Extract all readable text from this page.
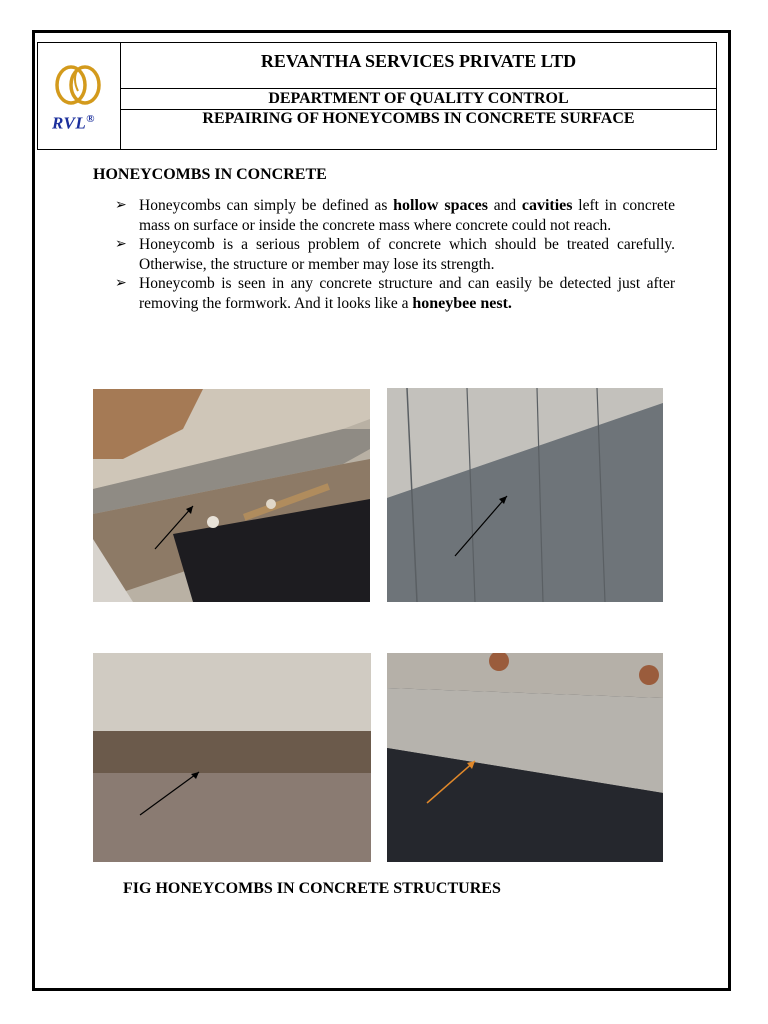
RVL®
REVANTHA SERVICES PRIVATE LTD
DEPARTMENT OF QUALITY CONTROL
REPAIRING OF HONEYCOMBS IN CONCRETE SURFACE
HONEYCOMBS IN CONCRETE
➢ Honeycombs can simply be defined as hollow spaces and cavities left in concrete mass on surface or inside the concrete mass where concrete could not reach.
➢ Honeycomb is a serious problem of concrete which should be treated carefully. Otherwise, the structure or member may lose its strength.
➢ Honeycomb is seen in any concrete structure and can easily be detected just after removing the formwork. And it looks like a honeybee nest.
FIG HONEYCOMBS IN CONCRETE STRUCTURES
